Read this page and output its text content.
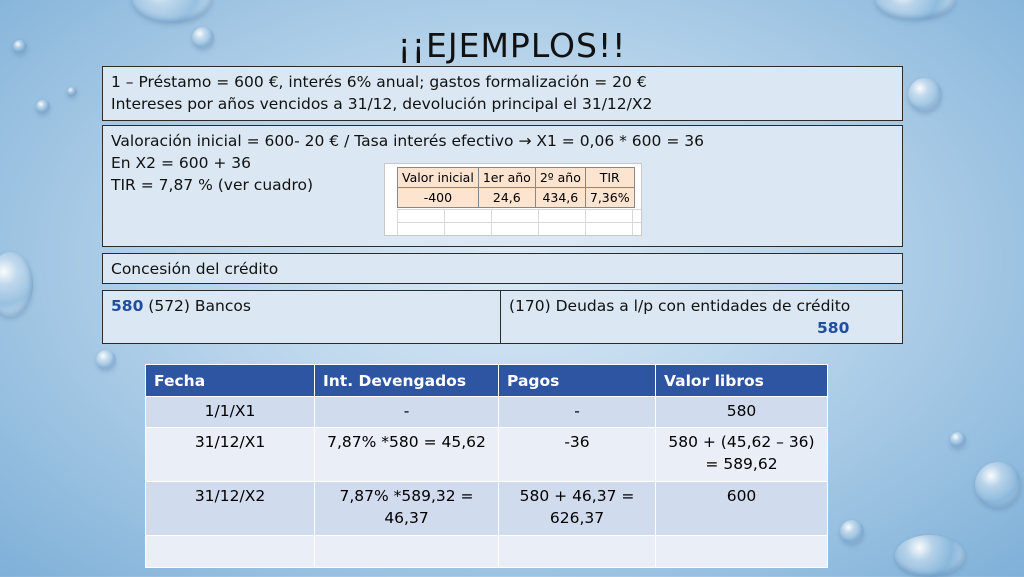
¡¡EJEMPLOS!!
1 – Préstamo = 600 €, interés 6% anual; gastos formalización = 20 €
Intereses por años vencidos a 31/12, devolución principal el 31/12/X2
Valoración inicial = 600- 20 € / Tasa interés efectivo → X1 = 0,06 * 600 = 36
En X2 = 600 + 36
TIR = 7,87 % (ver cuadro)	Valor inicial	1er año	2º año	TIR
-400	24,6	434,6	7,36%
Concesión del crédito
580 (572) Bancos	(170) Deudas a l/p con entidades de crédito
580
Fecha	Int. Devengados	Pagos	Valor libros
1/1/X1	-	-	580
31/12/X1	7,87% *580 = 45,62	-36	580 + (45,62 – 36) = 589,62
31/12/X2	7,87% *589,32 = 46,37	580 + 46,37 = 626,37	600
